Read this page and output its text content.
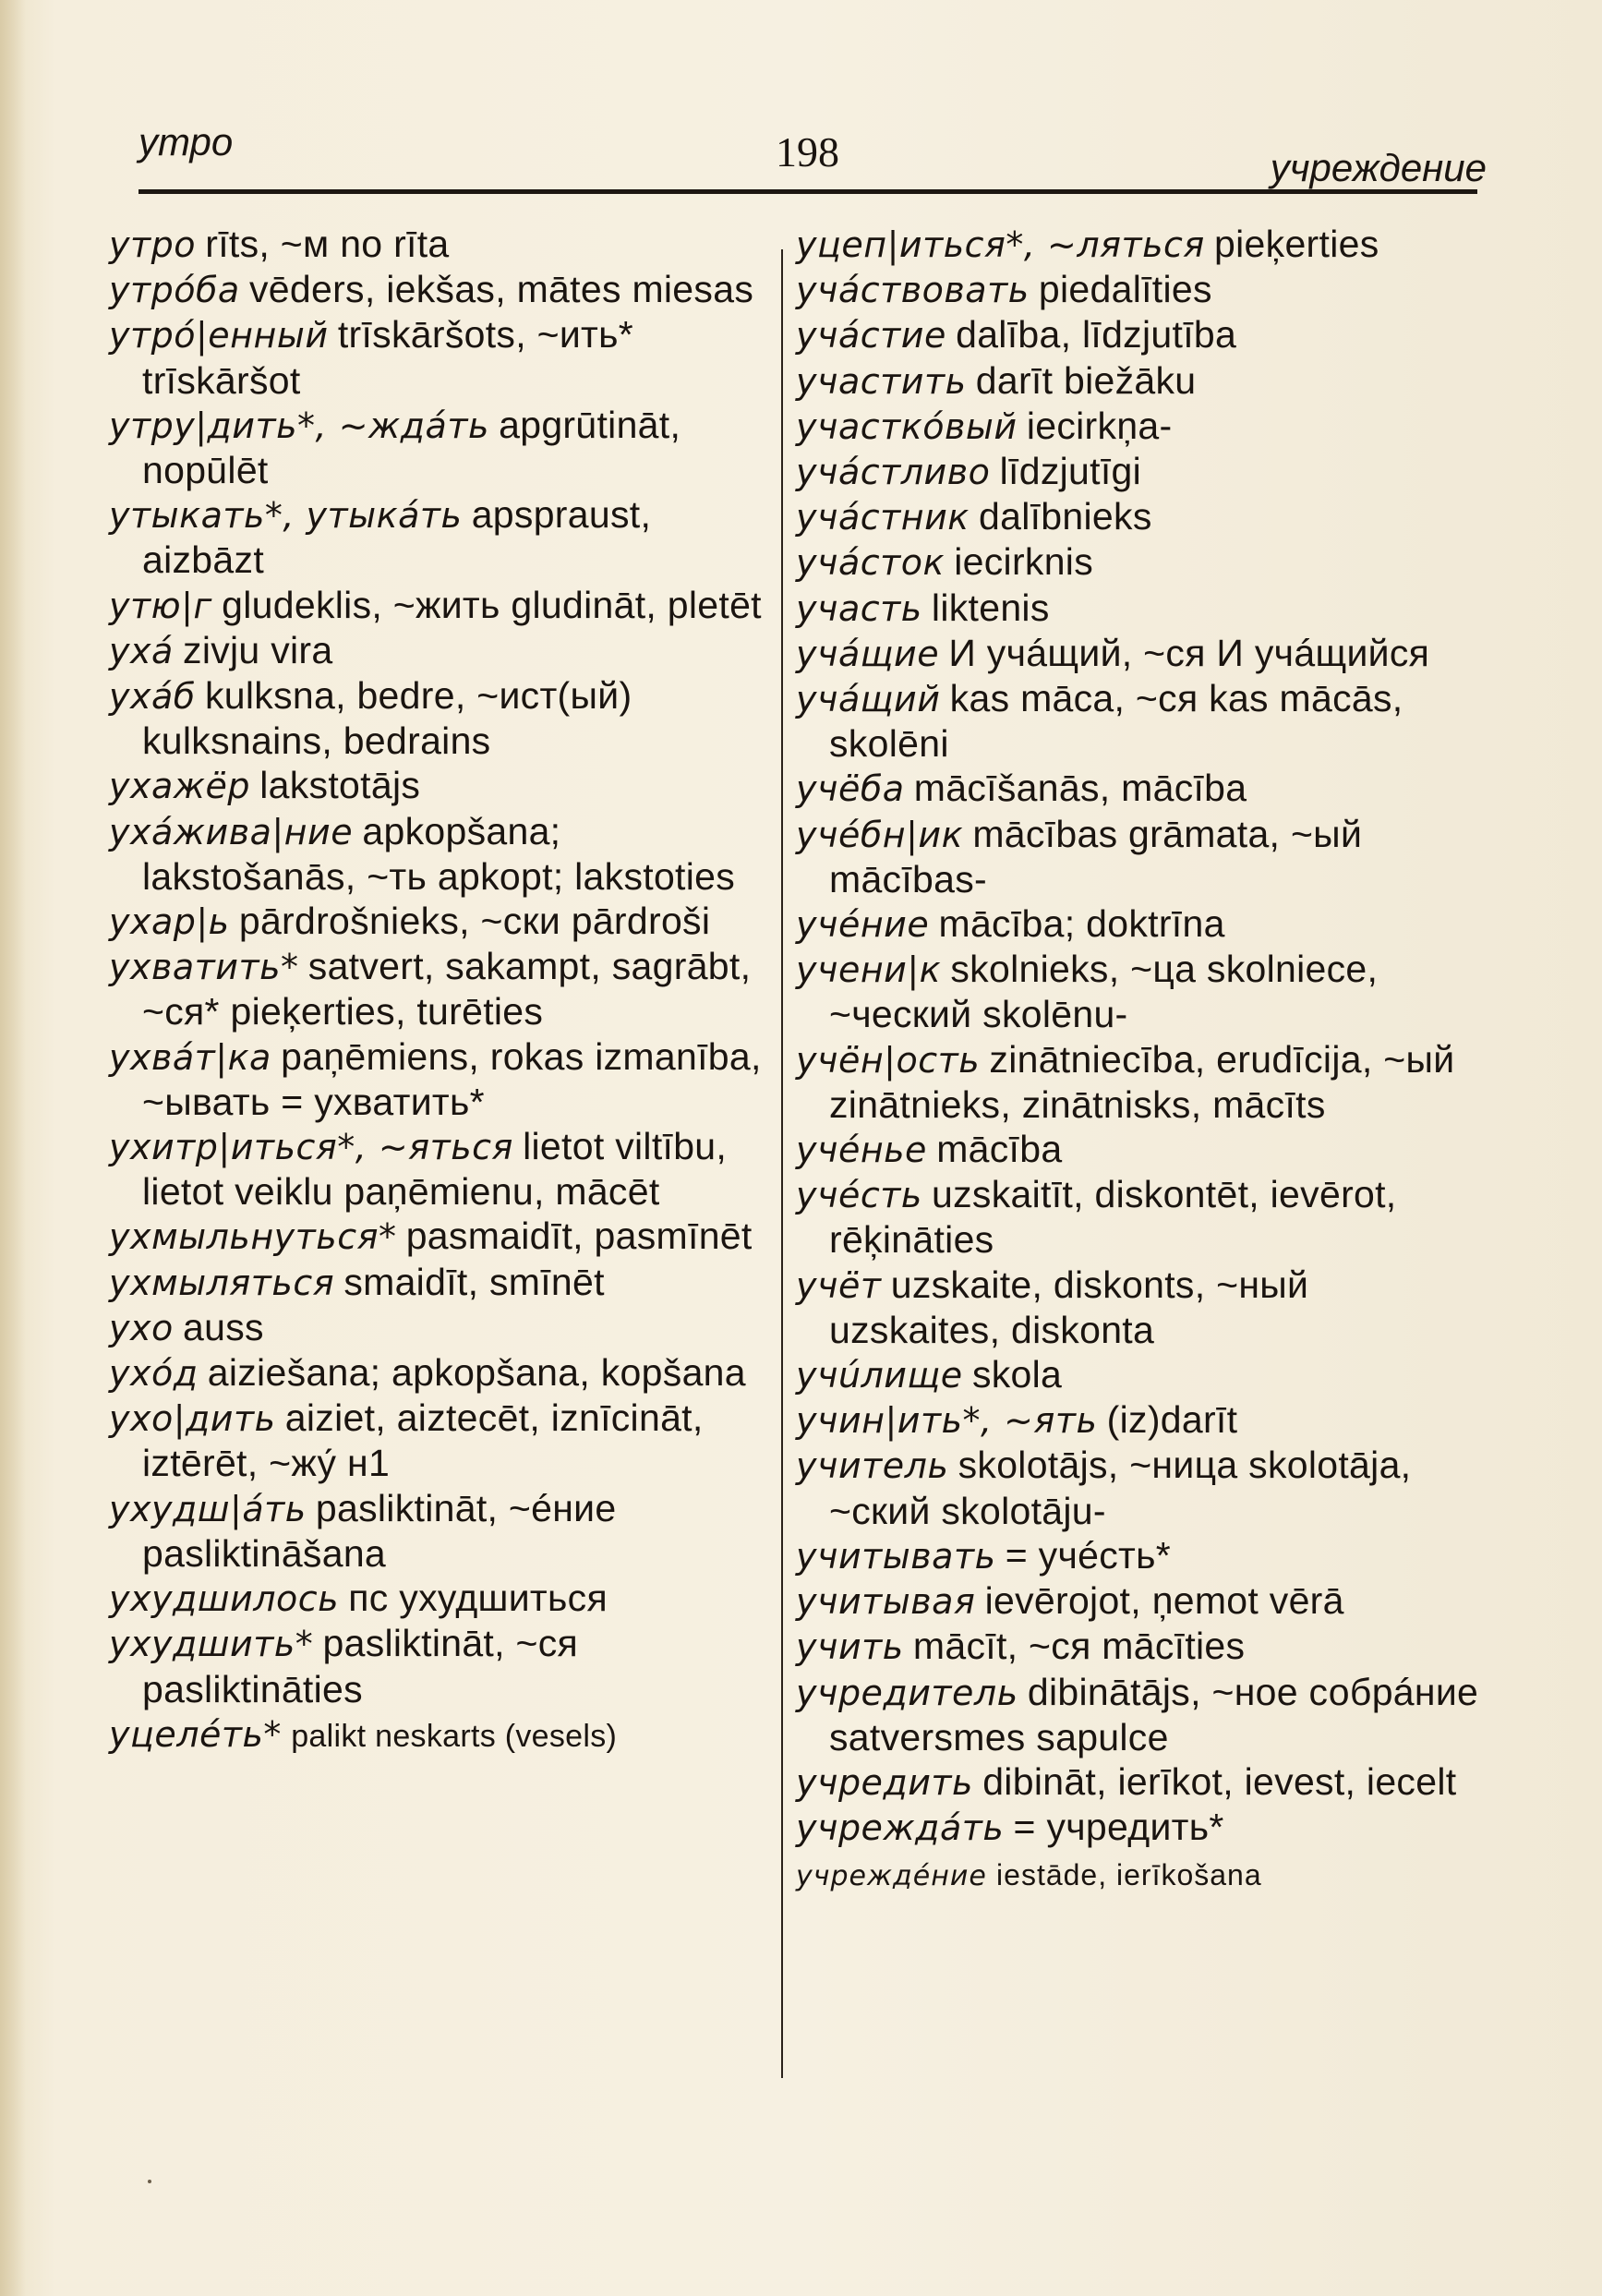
утро	198	учреждение

утро rīts, ~м no rīta

утрóба vēders, iekšas, mātes miesas

утрó|енный trīskāršots, ~ить* trīskāršot

утру|дить*, ~ждáть apgrūtināt, nopūlēt

утыкать*, утыкáть apspraust, aizbāzt

утю|г gludeklis, ~жить gludināt, pletēt

ухá zivju vira

ухáб kulksna, bedre, ~ист(ый) kulksnains, bedrains

ухажёр lakstotājs

ухáжива|ние apkopšana; lakstošanās, ~ть apkopt; lakstoties

ухар|ь pārdrošnieks, ~ски pārdroši

ухватить* satvert, sakampt, sagrābt, ~ся* pieķerties, turēties

ухвáт|ка paņēmiens, rokas izmanība, ~ывать = ухватить*

ухитр|иться*, ~яться lietot viltību, lietot veiklu paņēmienu, mācēt

ухмыльнуться* pasmaidīt, pasmīnēt

ухмыляться smaidīt, smīnēt

ухо auss

ухóд aiziešana; apkopšana, kopšana

ухо|дить aiziet, aiztecēt, iznīcināt, iztērēt, ~жу́ н1

ухудш|áть pasliktināt, ~éние pasliktināšana

ухудшилось пс ухудшиться

ухудшить* pasliktināt, ~ся pasliktināties

уцелéть* palikt neskarts (vesels)

уцеп|иться*, ~ляться pieķerties

учáствовать piedalīties

учáстие dalība, līdzjutība

участить darīt biežāku

участкóвый iecirkņa-

учáстливо līdzjutīgi

учáстник dalībnieks

учáсток iecirknis

участь liktenis

учáщие И учáщий, ~ся И учáщийся

учáщий kas māca, ~ся kas mācās, skolēni

учёба mācīšanās, mācība

учéбн|ик mācības grāmata, ~ый mācības-

учéние mācība; doktrīna

учени|к skolnieks, ~ца skolniece, ~ческий skolēnu-

учён|ость zinātniecība, erudīcija, ~ый zinātnieks, zinātnisks, mācīts

учéнье mācība

учéсть uzskaitīt, diskontēt, ievērot, rēķināties

учёт uzskaite, diskonts, ~ный uzskaites, diskonta

учúлище skola

учин|ить*, ~ять (iz)darīt

учитель skolotājs, ~ница skolotāja, ~ский skolotāju-

учитывать = учéсть*

учитывая ievērojot, ņemot vērā

учить mācīt, ~ся mācīties

учредитель dibinātājs, ~ное собрáние satversmes sapulce

учредить dibināt, ierīkot, ievest, iecelt

учреждáть = учредить*

учреждéние iestāde, ierīkošana
